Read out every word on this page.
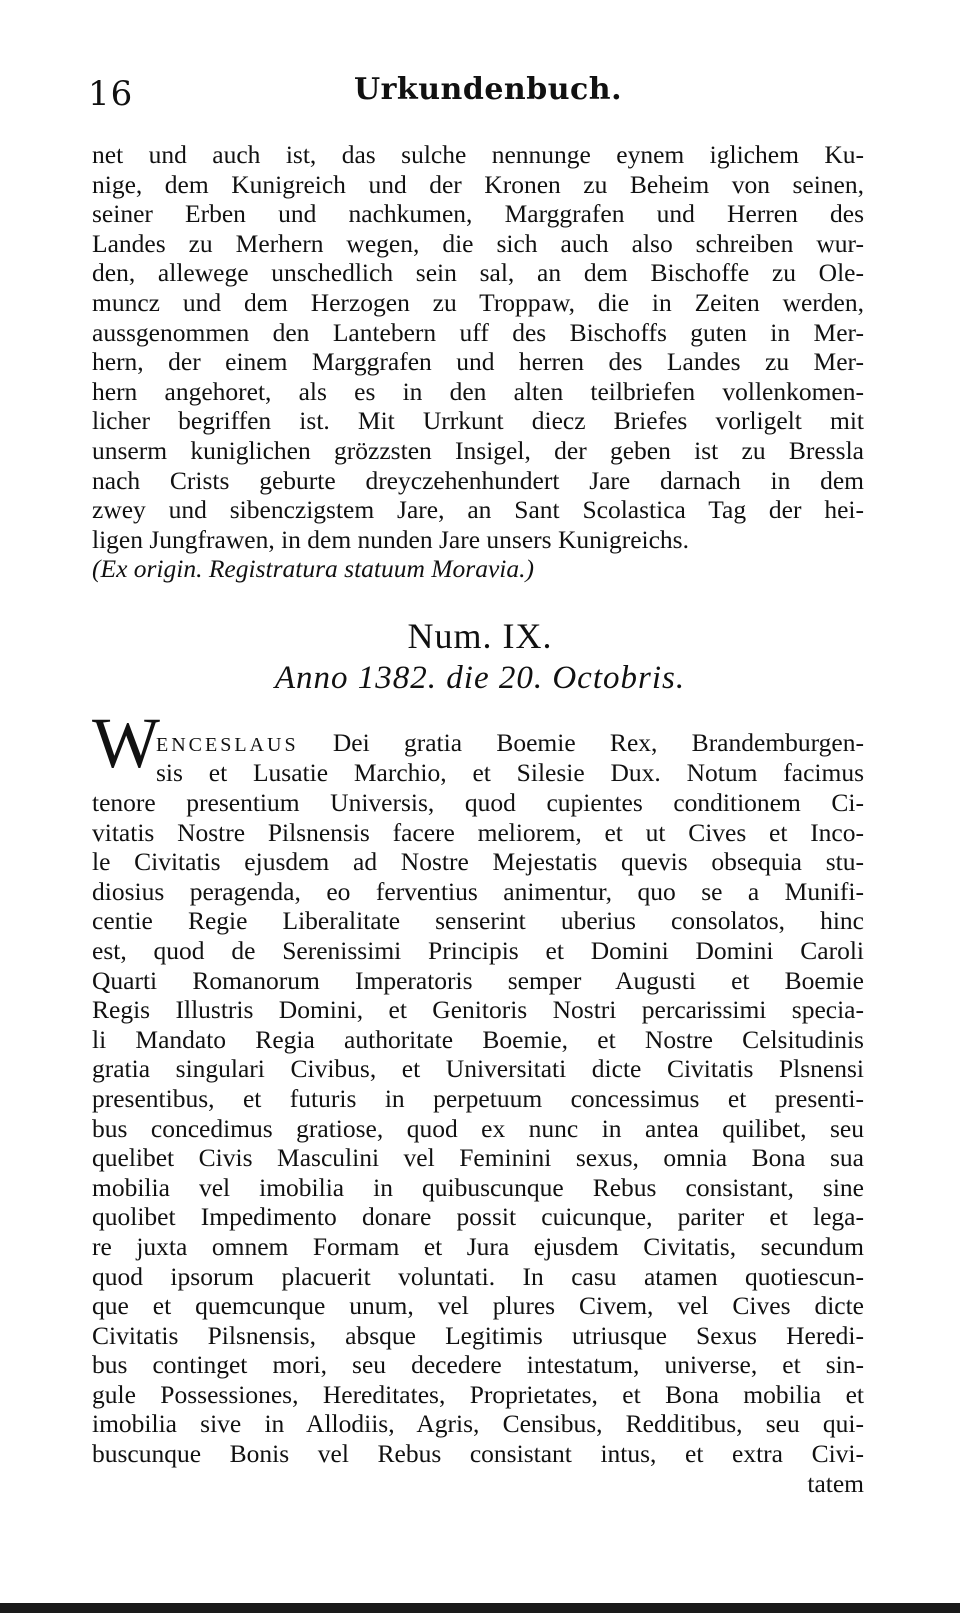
16	Urkundenbuch.
net und auch ist, das sulche nennunge eynem iglichem Ku-
nige, dem Kunigreich und der Kronen zu Beheim von seinen,
seiner Erben und nachkumen, Marggrafen und Herren des
Landes zu Merhern wegen, die sich auch also schreiben wur-
den, allewege unschedlich sein sal, an dem Bischoffe zu Ole-
muncz und dem Herzogen zu Troppaw, die in Zeiten werden,
aussgenommen den Lantebern uff des Bischoffs guten in Mer-
hern, der einem Marggrafen und herren des Landes zu Mer-
hern angehoret, als es in den alten teilbriefen vollenkomen-
licher begriffen ist. Mit Urrkunt diecz Briefes vorligelt mit
unserm kuniglichen grözzsten Insigel, der geben ist zu Bressla
nach Crists geburte dreyczehenhundert Jare darnach in dem
zwey und sibenczigstem Jare, an Sant Scolastica Tag der hei-
ligen Jungfrawen, in dem nunden Jare unsers Kunigreichs.
(Ex origin. Registratura statuum Moravia.)
Num. IX.
Anno 1382. die 20. Octobris.
W
ENCESLAUS Dei gratia Boemie Rex, Brandemburgen-
sis et Lusatie Marchio, et Silesie Dux. Notum facimus
tenore presentium Universis, quod cupientes conditionem Ci-
vitatis Nostre Pilsnensis facere meliorem, et ut Cives et Inco-
le Civitatis ejusdem ad Nostre Mejestatis quevis obsequia stu-
diosius peragenda, eo ferventius animentur, quo se a Munifi-
centie Regie Liberalitate senserint uberius consolatos, hinc
est, quod de Serenissimi Principis et Domini Domini Caroli
Quarti Romanorum Imperatoris semper Augusti et Boemie
Regis Illustris Domini, et Genitoris Nostri percarissimi specia-
li Mandato Regia authoritate Boemie, et Nostre Celsitudinis
gratia singulari Civibus, et Universitati dicte Civitatis Plsnensi
presentibus, et futuris in perpetuum concessimus et presenti-
bus concedimus gratiose, quod ex nunc in antea quilibet, seu
quelibet Civis Masculini vel Feminini sexus, omnia Bona sua
mobilia vel imobilia in quibuscunque Rebus consistant, sine
quolibet Impedimento donare possit cuicunque, pariter et lega-
re juxta omnem Formam et Jura ejusdem Civitatis, secundum
quod ipsorum placuerit voluntati. In casu atamen quotiescun-
que et quemcunque unum, vel plures Civem, vel Cives dicte
Civitatis Pilsnensis, absque Legitimis utriusque Sexus Heredi-
bus continget mori, seu decedere intestatum, universe, et sin-
gule Possessiones, Hereditates, Proprietates, et Bona mobilia et
imobilia sive in Allodiis, Agris, Censibus, Redditibus, seu qui-
buscunque Bonis vel Rebus consistant intus, et extra Civi-
tatem
